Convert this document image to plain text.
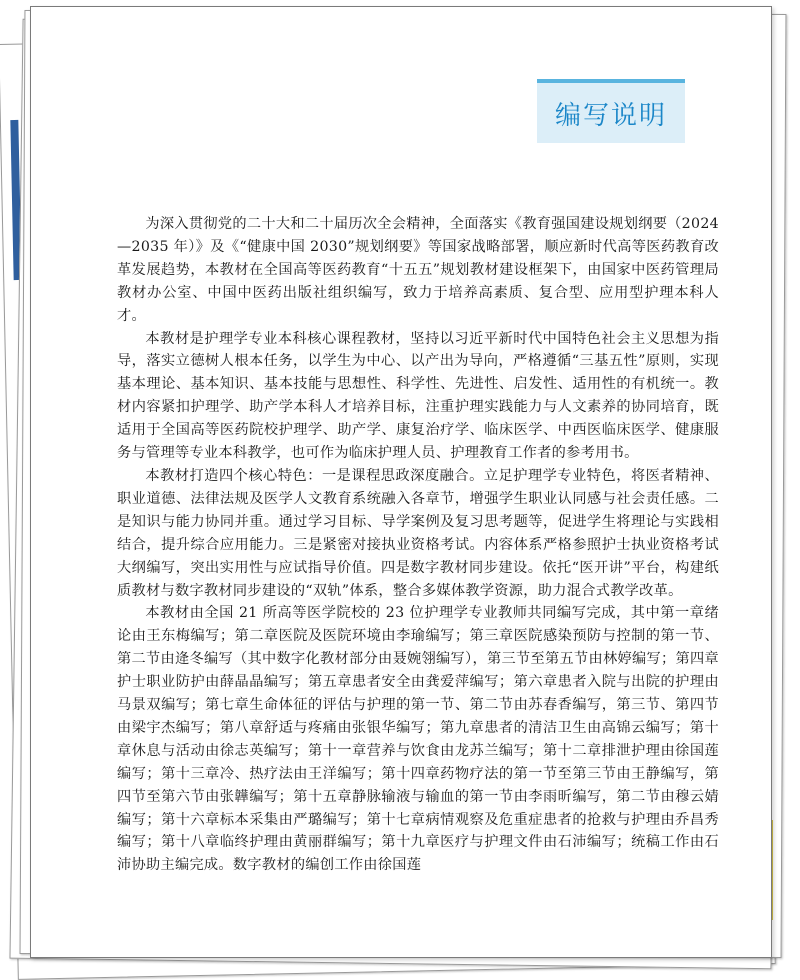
编写说明

为深入贯彻党的二十大和二十届历次全会精神，全面落实《教育强国建设规划纲要（2024—2035 年）》及《“健康中国 2030”规划纲要》等国家战略部署，顺应新时代高等医药教育改革发展趋势，本教材在全国高等医药教育“十五五”规划教材建设框架下，由国家中医药管理局教材办公室、中国中医药出版社组织编写，致力于培养高素质、复合型、应用型护理本科人才。

本教材是护理学专业本科核心课程教材，坚持以习近平新时代中国特色社会主义思想为指导，落实立德树人根本任务，以学生为中心、以产出为导向，严格遵循“三基五性”原则，实现基本理论、基本知识、基本技能与思想性、科学性、先进性、启发性、适用性的有机统一。教材内容紧扣护理学、助产学本科人才培养目标，注重护理实践能力与人文素养的协同培育，既适用于全国高等医药院校护理学、助产学、康复治疗学、临床医学、中西医临床医学、健康服务与管理等专业本科教学，也可作为临床护理人员、护理教育工作者的参考用书。

本教材打造四个核心特色：一是课程思政深度融合。立足护理学专业特色，将医者精神、职业道德、法律法规及医学人文教育系统融入各章节，增强学生职业认同感与社会责任感。二是知识与能力协同并重。通过学习目标、导学案例及复习思考题等，促进学生将理论与实践相结合，提升综合应用能力。三是紧密对接执业资格考试。内容体系严格参照护士执业资格考试大纲编写，突出实用性与应试指导价值。四是数字教材同步建设。依托“医开讲”平台，构建纸质教材与数字教材同步建设的“双轨”体系，整合多媒体教学资源，助力混合式教学改革。

本教材由全国 21 所高等医学院校的 23 位护理学专业教师共同编写完成，其中第一章绪论由王东梅编写；第二章医院及医院环境由李瑜编写；第三章医院感染预防与控制的第一节、第二节由逄冬编写（其中数字化教材部分由聂婉翎编写），第三节至第五节由林婷编写；第四章护士职业防护由薛晶晶编写；第五章患者安全由龚爱萍编写；第六章患者入院与出院的护理由马景双编写；第七章生命体征的评估与护理的第一节、第二节由苏春香编写，第三节、第四节由梁宇杰编写；第八章舒适与疼痛由张银华编写；第九章患者的清洁卫生由高锦云编写；第十章休息与活动由徐志英编写；第十一章营养与饮食由龙苏兰编写；第十二章排泄护理由徐国莲编写；第十三章冷、热疗法由王洋编写；第十四章药物疗法的第一节至第三节由王静编写，第四节至第六节由张韡编写；第十五章静脉输液与输血的第一节由李雨昕编写，第二节由穆云婧编写；第十六章标本采集由严璐编写；第十七章病情观察及危重症患者的抢救与护理由乔昌秀编写；第十八章临终护理由黄丽群编写；第十九章医疗与护理文件由石沛编写；统稿工作由石沛协助主编完成。数字教材的编创工作由徐国莲
